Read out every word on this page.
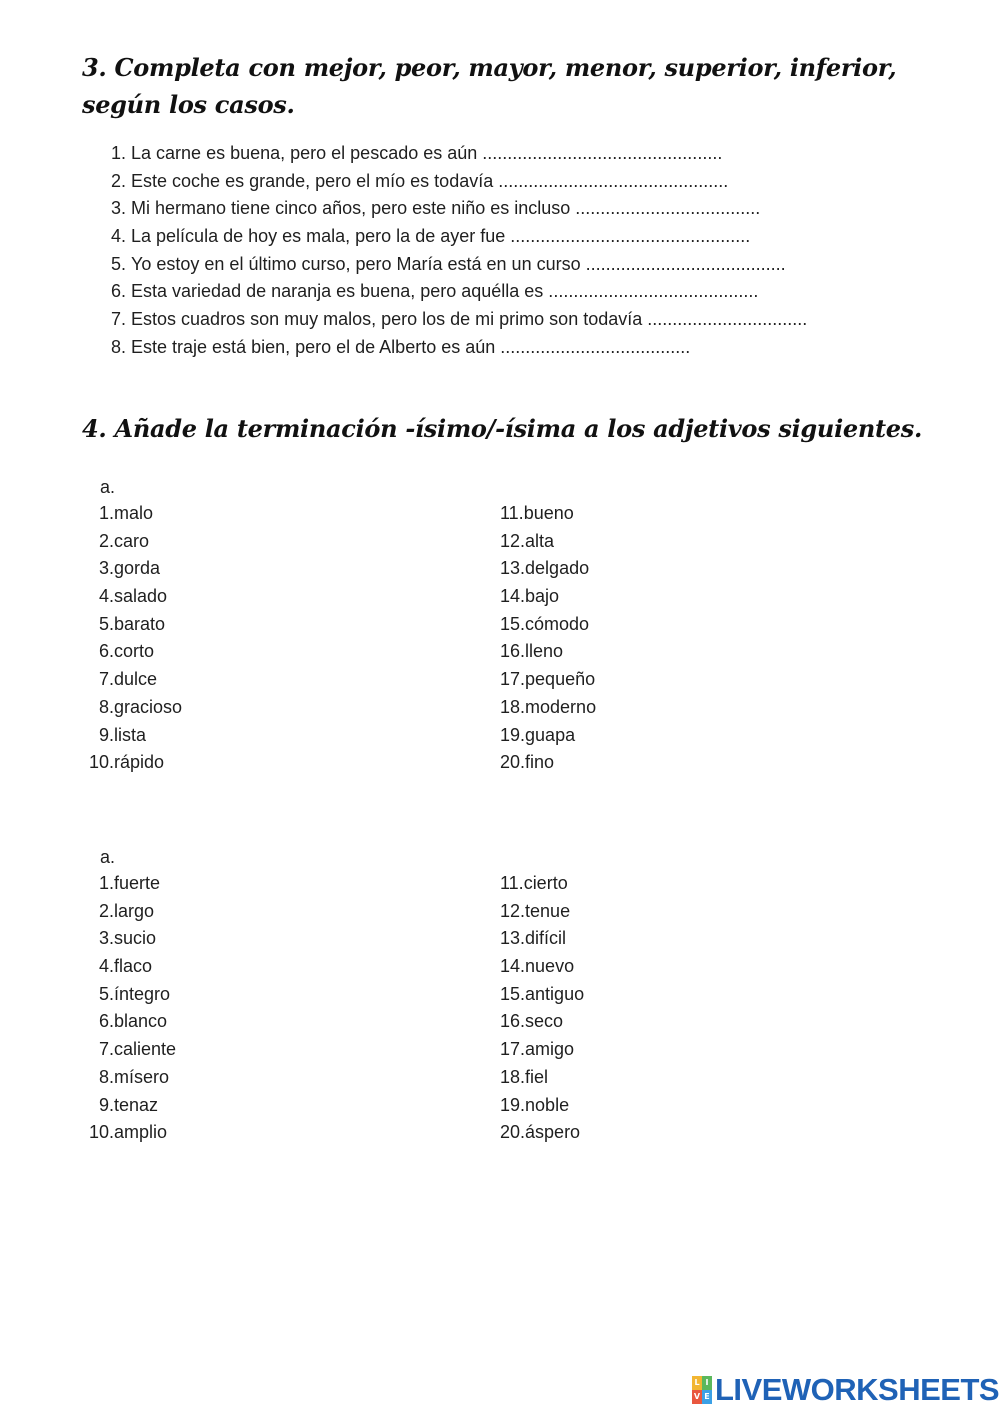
3. Completa con mejor, peor, mayor, menor, superior, inferior, según los casos.
1.
La carne es buena, pero el pescado es aún ................................................
2.
Este coche es grande, pero el mío es todavía ..............................................
3.
Mi hermano tiene cinco años, pero este niño es incluso .....................................
4.
La película de hoy es mala, pero la de ayer fue ................................................
5.
Yo estoy en el último curso, pero María está en un curso ........................................
6.
Esta variedad de naranja es buena, pero aquélla es ..........................................
7.
Estos cuadros son muy malos, pero los de mi primo son todavía ................................
8.
Este traje está bien, pero el de Alberto es aún ......................................
4. Añade la terminación -ísimo/-ísima a los adjetivos siguientes.
a.
1.malo
2.caro
3.gorda
4.salado
5.barato
6.corto
7.dulce
8.gracioso
9.lista
10.rápido
11.bueno
12.alta
13.delgado
14.bajo
15.cómodo
16.lleno
17.pequeño
18.moderno
19.guapa
20.fino
a.
1.fuerte
2.largo
3.sucio
4.flaco
5.íntegro
6.blanco
7.caliente
8.mísero
9.tenaz
10.amplio
11.cierto
12.tenue
13.difícil
14.nuevo
15.antiguo
16.seco
17.amigo
18.fiel
19.noble
20.áspero
L I
V E LIVEWORKSHEETS
